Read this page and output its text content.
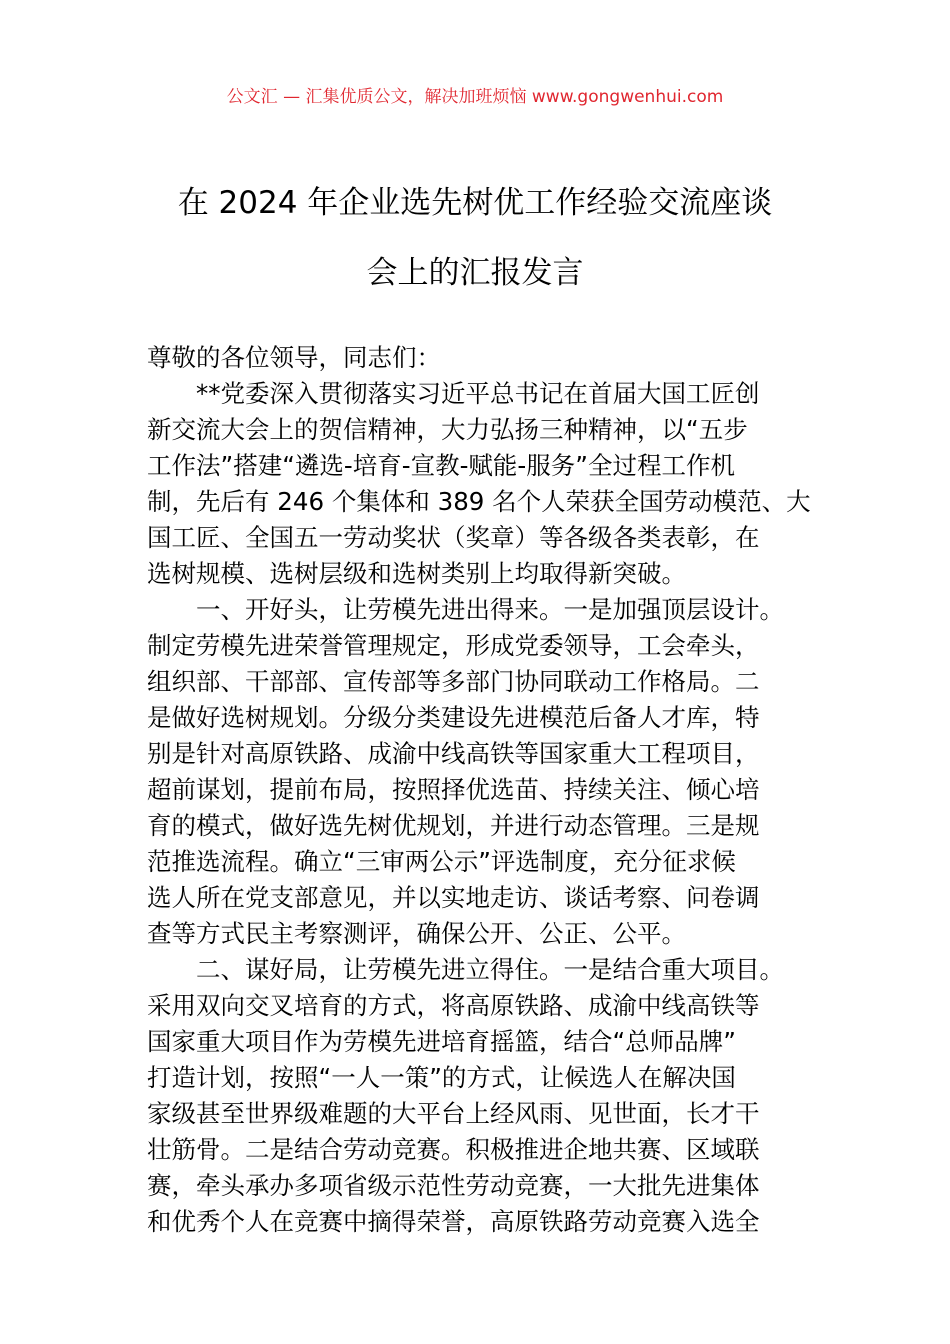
公文汇 — 汇集优质公文，解决加班烦恼 www.gongwenhui.com
在 2024 年企业选先树优工作经验交流座谈
会上的汇报发言
尊敬的各位领导，同志们：
**党委深入贯彻落实习近平总书记在首届大国工匠创
新交流大会上的贺信精神，大力弘扬三种精神，以“五步
工作法”搭建“遴选-培育-宣教-赋能-服务”全过程工作机
制，先后有 246 个集体和 389 名个人荣获全国劳动模范、大
国工匠、全国五一劳动奖状（奖章）等各级各类表彰，在
选树规模、选树层级和选树类别上均取得新突破。
一、开好头，让劳模先进出得来。一是加强顶层设计。
制定劳模先进荣誉管理规定，形成党委领导，工会牵头，
组织部、干部部、宣传部等多部门协同联动工作格局。二
是做好选树规划。分级分类建设先进模范后备人才库，特
别是针对高原铁路、成渝中线高铁等国家重大工程项目，
超前谋划，提前布局，按照择优选苗、持续关注、倾心培
育的模式，做好选先树优规划，并进行动态管理。三是规
范推选流程。确立“三审两公示”评选制度，充分征求候
选人所在党支部意见，并以实地走访、谈话考察、问卷调
查等方式民主考察测评，确保公开、公正、公平。
二、谋好局，让劳模先进立得住。一是结合重大项目。
采用双向交叉培育的方式，将高原铁路、成渝中线高铁等
国家重大项目作为劳模先进培育摇篮，结合“总师品牌”
打造计划，按照“一人一策”的方式，让候选人在解决国
家级甚至世界级难题的大平台上经风雨、见世面，长才干
壮筋骨。二是结合劳动竞赛。积极推进企地共赛、区域联
赛，牵头承办多项省级示范性劳动竞赛，一大批先进集体
和优秀个人在竞赛中摘得荣誉，高原铁路劳动竞赛入选全
